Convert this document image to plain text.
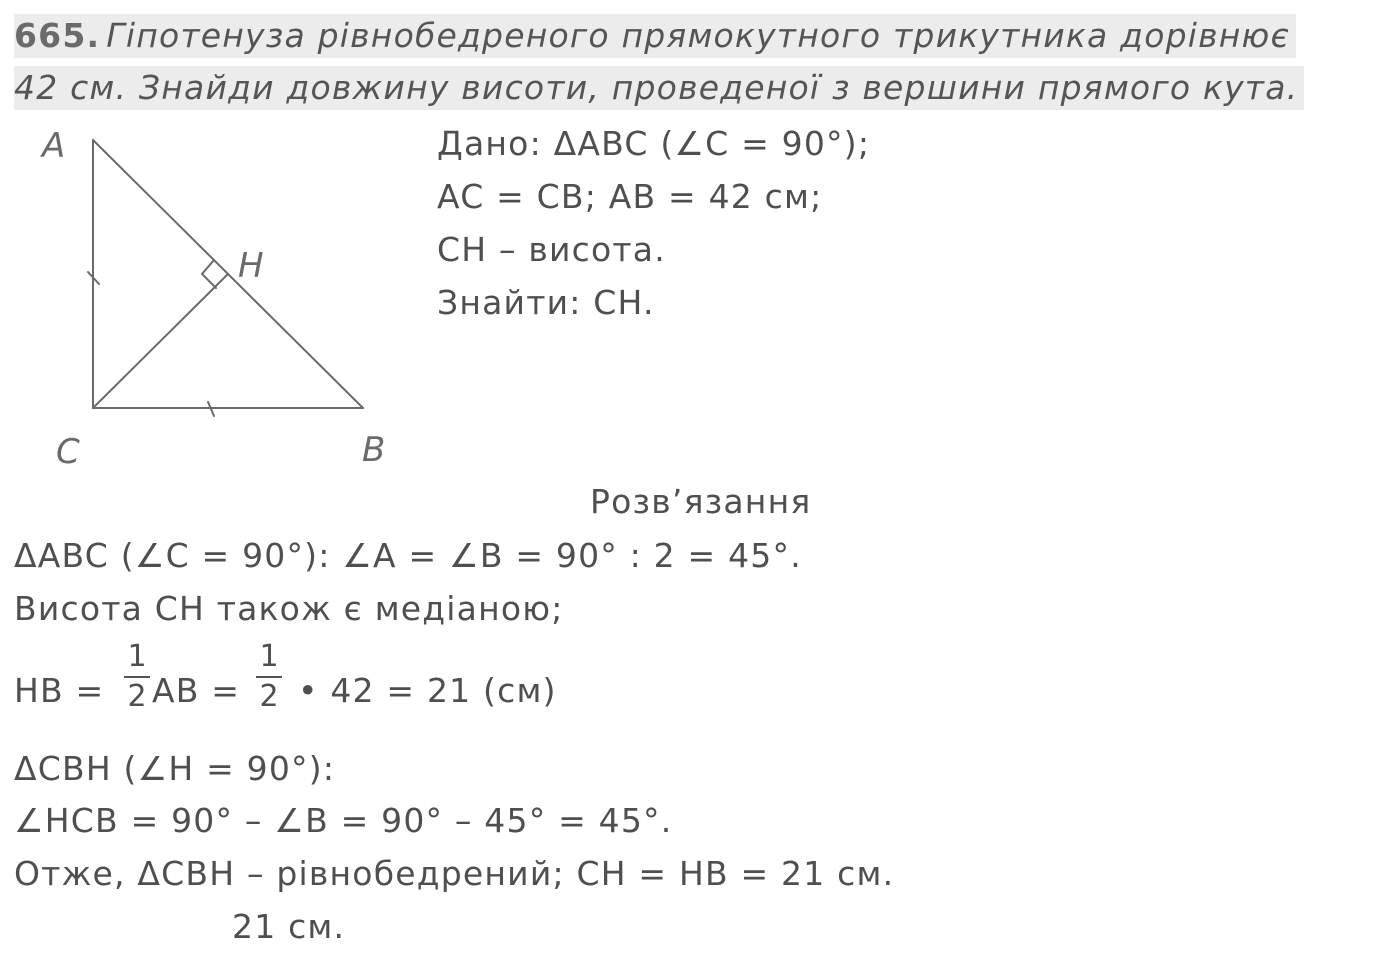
665. Гіпотенуза рівнобедреного прямокутного трикутника дорівнює
42 см. Знайди довжину висоти, проведеної з вершини прямого кута.
A
H
C	B
Дано: ΔABC (∠C = 90°);
AC = CB; AB = 42 см;
CH – висота.
Знайти: CH.
Розв’язання
ΔABC (∠C = 90°): ∠A = ∠B = 90° : 2 = 45°.
Висота CH також є медіаною;
HB =
1
2 AB =
1
2 • 42 = 21 (см)
ΔCBH (∠H = 90°):
∠HCB = 90° – ∠B = 90° – 45° = 45°.
Отже, ΔCBH – рівнобедрений; CH = HB = 21 см.
21 см.
